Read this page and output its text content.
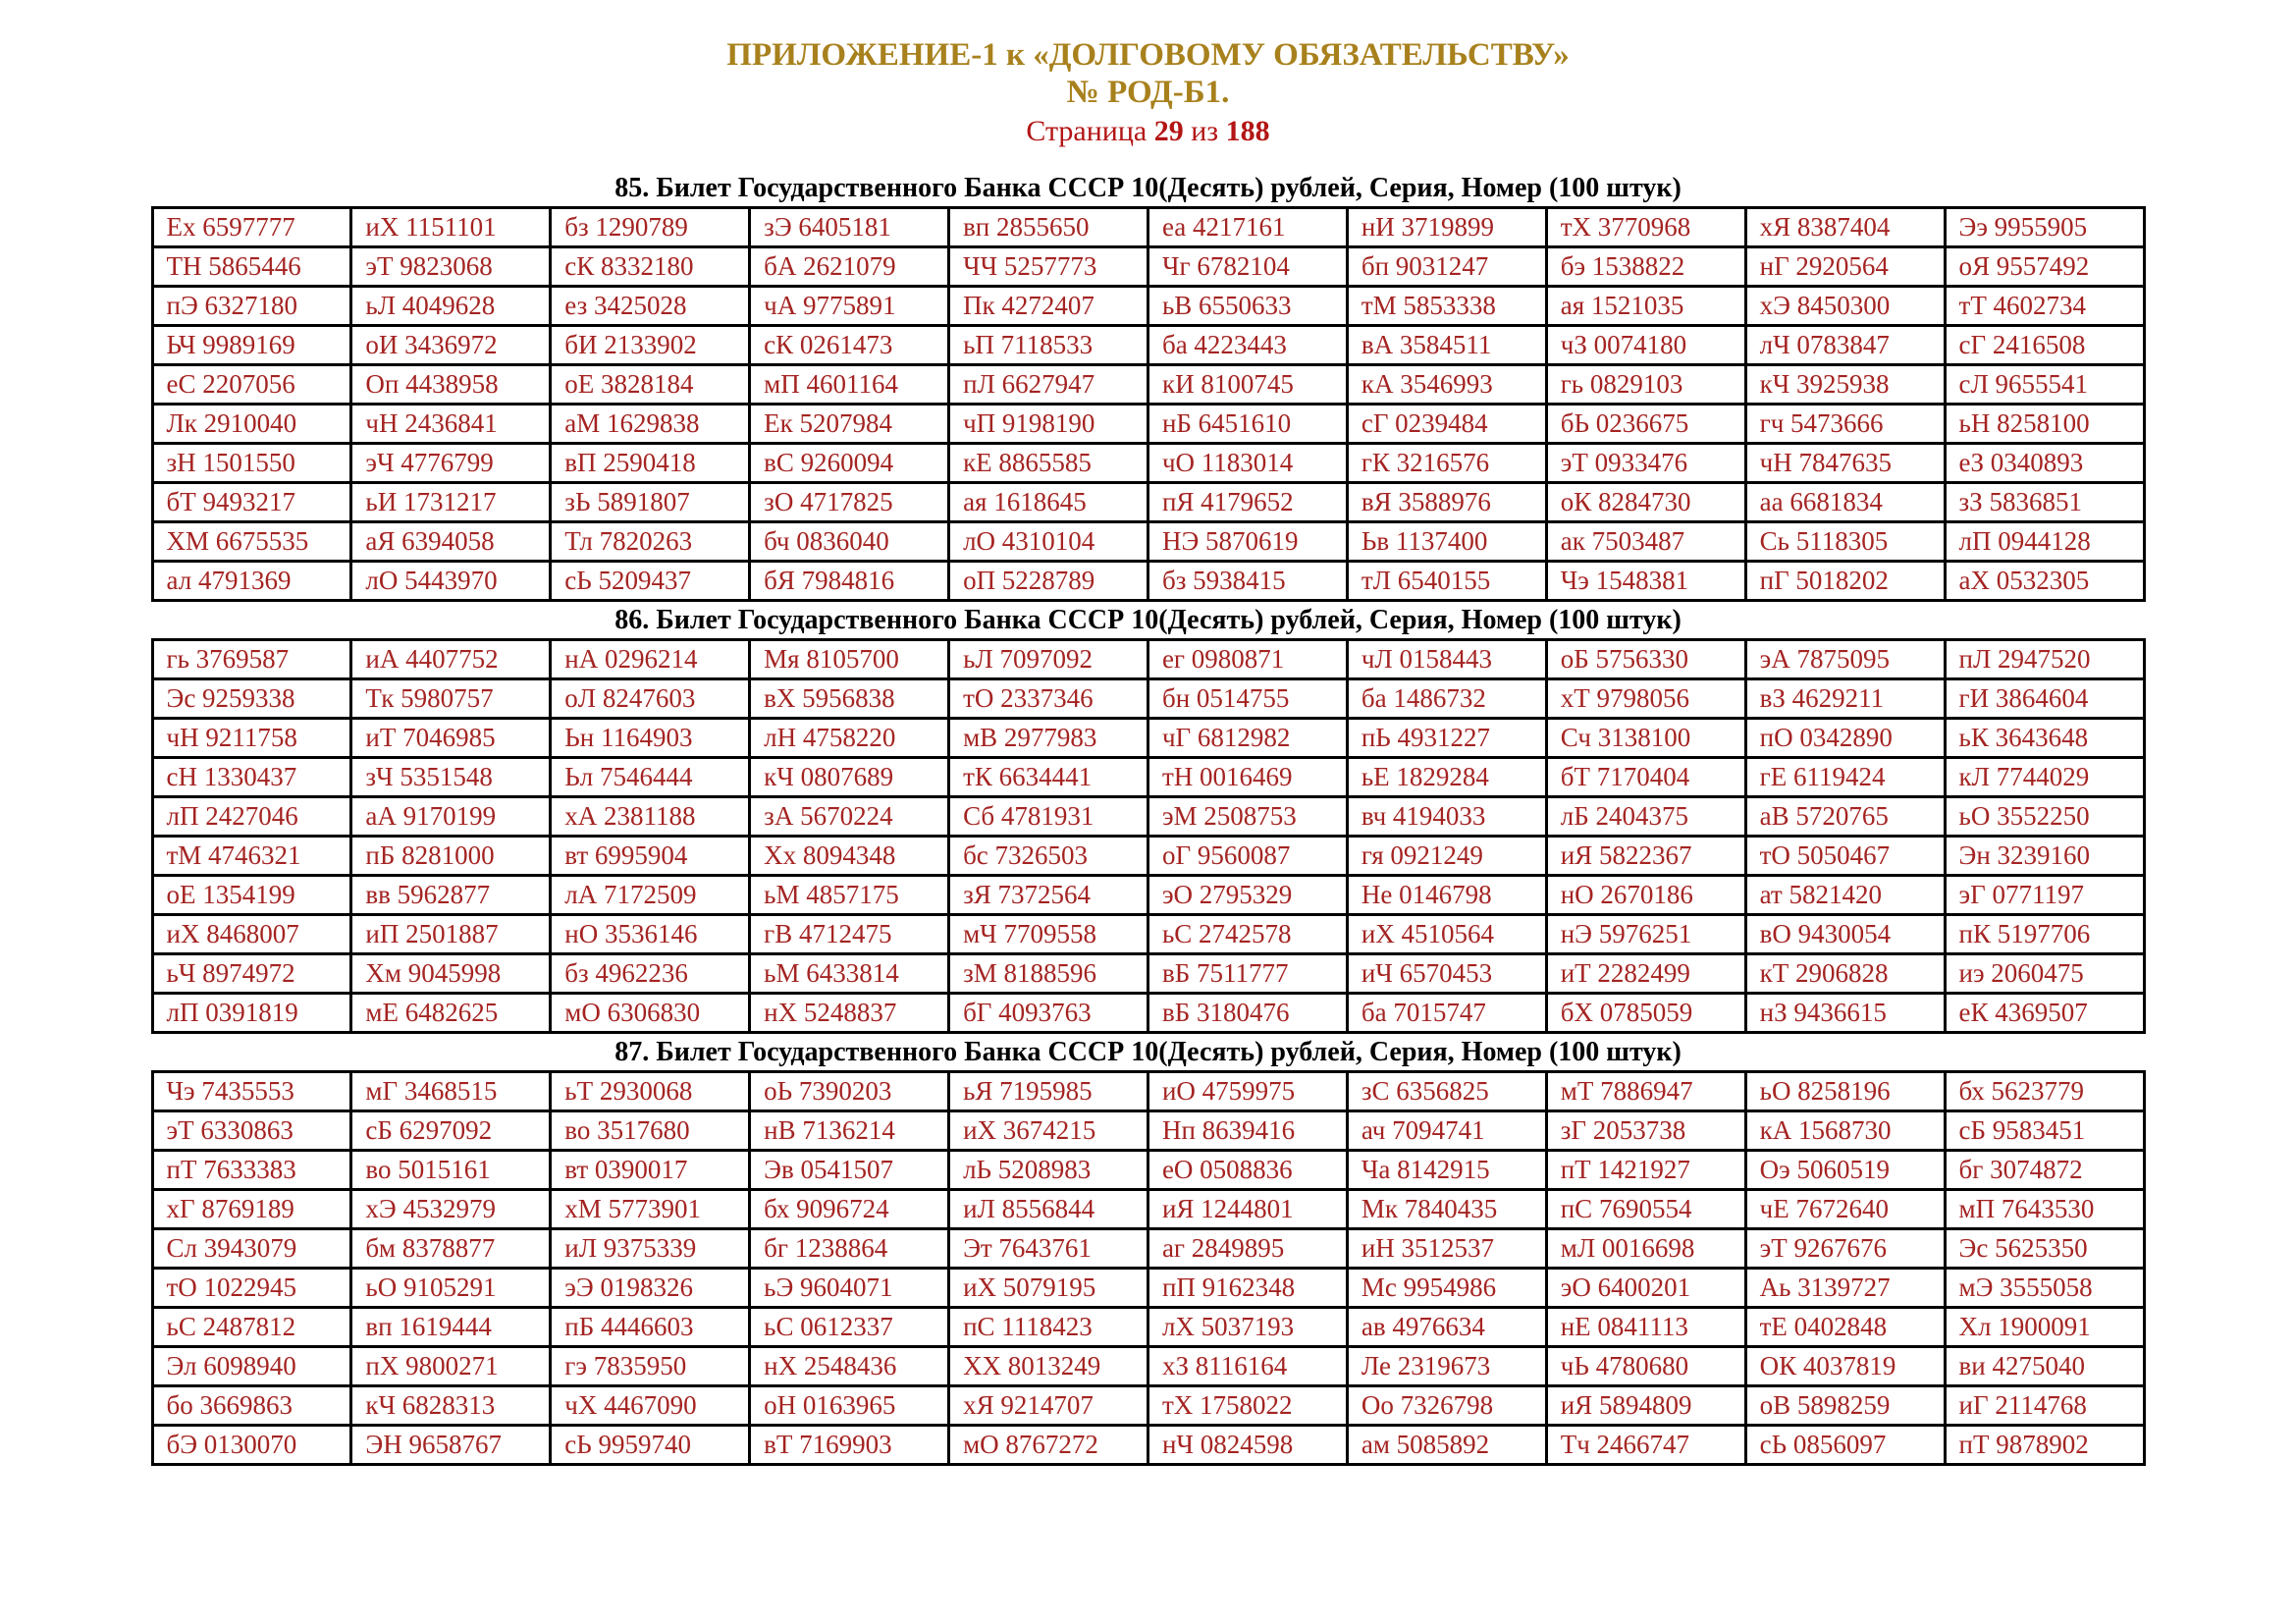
ПРИЛОЖЕНИЕ-1 к «ДОЛГОВОМУ ОБЯЗАТЕЛЬСТВУ»
№ РОД-Б1.
Страница 29 из 188
85. Билет Государственного Банка СССР 10(Десять) рублей, Серия, Номер (100 штук)
Ех 6597777	иХ 1151101	бз 1290789	зЭ 6405181	вп 2855650	еа 4217161	нИ 3719899	тХ 3770968	хЯ 8387404	Ээ 9955905
ТН 5865446	эТ 9823068	сК 8332180	бА 2621079	ЧЧ 5257773	Чг 6782104	бп 9031247	бэ 1538822	нГ 2920564	оЯ 9557492
пЭ 6327180	ьЛ 4049628	ез 3425028	чА 9775891	Пк 4272407	ьВ 6550633	тМ 5853338	ая 1521035	хЭ 8450300	тТ 4602734
ЬЧ 9989169	оИ 3436972	бИ 2133902	сК 0261473	ьП 7118533	ба 4223443	вА 3584511	чЗ 0074180	лЧ 0783847	сГ 2416508
еС 2207056	Оп 4438958	оЕ 3828184	мП 4601164	пЛ 6627947	кИ 8100745	кА 3546993	гь 0829103	кЧ 3925938	сЛ 9655541
Лк 2910040	чН 2436841	аМ 1629838	Ек 5207984	чП 9198190	нБ 6451610	сГ 0239484	бЬ 0236675	гч 5473666	ьН 8258100
зН 1501550	эЧ 4776799	вП 2590418	вС 9260094	кЕ 8865585	чО 1183014	гК 3216576	эТ 0933476	чН 7847635	еЗ 0340893
бТ 9493217	ьИ 1731217	зЬ 5891807	зО 4717825	ая 1618645	пЯ 4179652	вЯ 3588976	оК 8284730	аа 6681834	зЗ 5836851
ХМ 6675535	аЯ 6394058	Тл 7820263	бч 0836040	лО 4310104	НЭ 5870619	Ьв 1137400	ак 7503487	Сь 5118305	лП 0944128
ал 4791369	лО 5443970	сЬ 5209437	бЯ 7984816	оП 5228789	бз 5938415	тЛ 6540155	Чэ 1548381	пГ 5018202	аХ 0532305
86. Билет Государственного Банка СССР 10(Десять) рублей, Серия, Номер (100 штук)
гь 3769587	иА 4407752	нА 0296214	Мя 8105700	ьЛ 7097092	ег 0980871	чЛ 0158443	оБ 5756330	эА 7875095	пЛ 2947520
Эс 9259338	Тк 5980757	оЛ 8247603	вХ 5956838	тО 2337346	бн 0514755	ба 1486732	хТ 9798056	вЗ 4629211	гИ 3864604
чН 9211758	иТ 7046985	Ьн 1164903	лН 4758220	мВ 2977983	чГ 6812982	пЬ 4931227	Сч 3138100	пО 0342890	ьК 3643648
сН 1330437	зЧ 5351548	Ьл 7546444	кЧ 0807689	тК 6634441	тН 0016469	ьЕ 1829284	бТ 7170404	гЕ 6119424	кЛ 7744029
лП 2427046	аА 9170199	хА 2381188	зА 5670224	Сб 4781931	эМ 2508753	вч 4194033	лБ 2404375	аВ 5720765	ьО 3552250
тМ 4746321	пБ 8281000	вт 6995904	Хх 8094348	бс 7326503	оГ 9560087	гя 0921249	иЯ 5822367	тО 5050467	Эн 3239160
оЕ 1354199	вв 5962877	лА 7172509	ьМ 4857175	зЯ 7372564	эО 2795329	Не 0146798	нО 2670186	ат 5821420	эГ 0771197
иХ 8468007	иП 2501887	нО 3536146	гВ 4712475	мЧ 7709558	ьС 2742578	иХ 4510564	нЭ 5976251	вО 9430054	пК 5197706
ьЧ 8974972	Хм 9045998	бз 4962236	ьМ 6433814	зМ 8188596	вБ 7511777	иЧ 6570453	иТ 2282499	кТ 2906828	иэ 2060475
лП 0391819	мЕ 6482625	мО 6306830	нХ 5248837	бГ 4093763	вБ 3180476	ба 7015747	бХ 0785059	нЗ 9436615	еК 4369507
87. Билет Государственного Банка СССР 10(Десять) рублей, Серия, Номер (100 штук)
Чэ 7435553	мГ 3468515	ьТ 2930068	оЬ 7390203	ьЯ 7195985	иО 4759975	зС 6356825	мТ 7886947	ьО 8258196	бх 5623779
эТ 6330863	сБ 6297092	во 3517680	нВ 7136214	иХ 3674215	Нп 8639416	ач 7094741	зГ 2053738	кА 1568730	сБ 9583451
пТ 7633383	во 5015161	вт 0390017	Эв 0541507	лЬ 5208983	еО 0508836	Ча 8142915	пТ 1421927	Оэ 5060519	бг 3074872
хГ 8769189	хЭ 4532979	хМ 5773901	бх 9096724	иЛ 8556844	иЯ 1244801	Мк 7840435	пС 7690554	чЕ 7672640	мП 7643530
Сл 3943079	бм 8378877	иЛ 9375339	бг 1238864	Эт 7643761	аг 2849895	иН 3512537	мЛ 0016698	эТ 9267676	Эс 5625350
тО 1022945	ьО 9105291	эЭ 0198326	ьЭ 9604071	иХ 5079195	пП 9162348	Мс 9954986	эО 6400201	Аь 3139727	мЭ 3555058
ьС 2487812	вп 1619444	пБ 4446603	ьС 0612337	пС 1118423	лХ 5037193	ав 4976634	нЕ 0841113	тЕ 0402848	Хл 1900091
Эл 6098940	пХ 9800271	гэ 7835950	нХ 2548436	ХХ 8013249	хЗ 8116164	Ле 2319673	чЬ 4780680	ОК 4037819	ви 4275040
бо 3669863	кЧ 6828313	чХ 4467090	оН 0163965	хЯ 9214707	тХ 1758022	Оо 7326798	иЯ 5894809	оВ 5898259	иГ 2114768
бЭ 0130070	ЭН 9658767	сЬ 9959740	вТ 7169903	мО 8767272	нЧ 0824598	ам 5085892	Тч 2466747	сЬ 0856097	пТ 9878902
